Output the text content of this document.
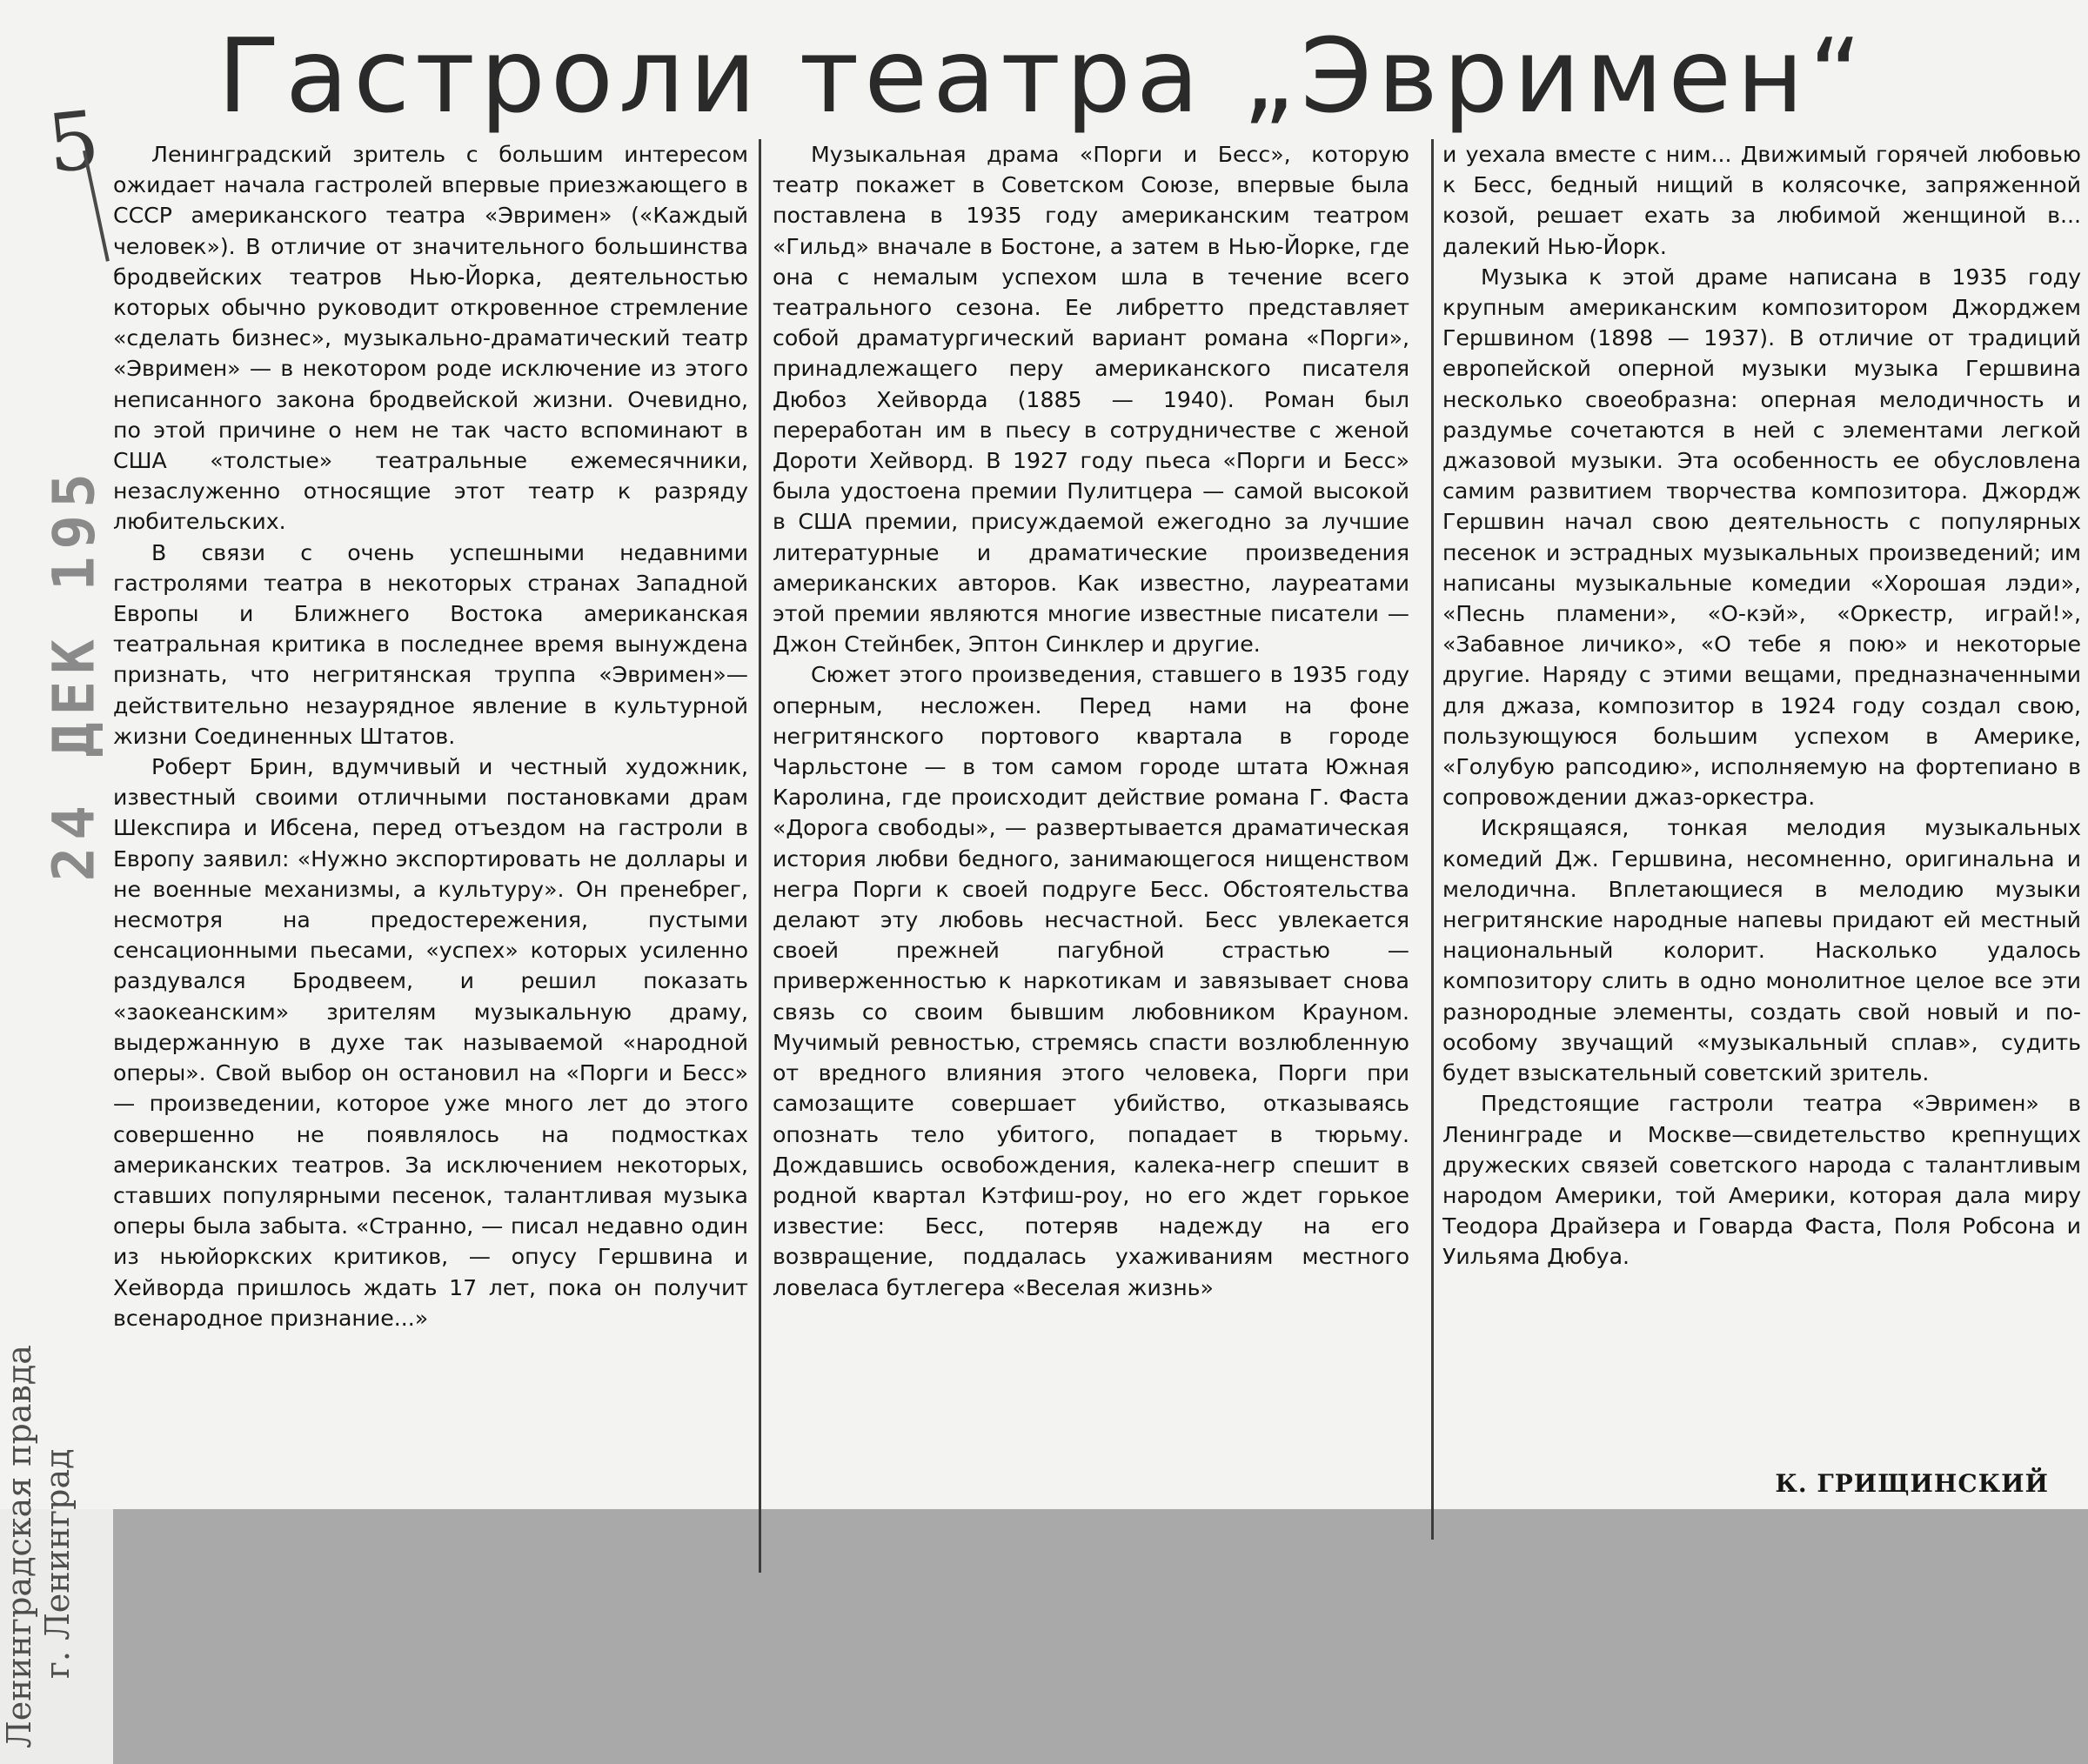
Гастроли театра „Эвримен“
5
24 ДЕК 195

Ленинградский зритель с большим интересом ожидает начала гастролей впервые приезжающего в СССР американского театра «Эвримен» («Каждый человек»). В отличие от значительного большинства бродвейских театров Нью-Йорка, деятельностью которых обычно руководит откровенное стремление «сделать бизнес», музыкально-драматический театр «Эвримен» — в некотором роде исключение из этого неписанного закона бродвейской жизни. Очевидно, по этой причине о нем не так часто вспоминают в США «толстые» театральные ежемесячники, незаслуженно относящие этот театр к разряду любительских.

В связи с очень успешными недавними гастролями театра в некоторых странах Западной Европы и Ближнего Востока американская театральная критика в последнее время вынуждена признать, что негритянская труппа «Эвримен»—действительно незаурядное явление в культурной жизни Соединенных Штатов.

Роберт Брин, вдумчивый и честный художник, известный своими отличными постановками драм Шекспира и Ибсена, перед отъездом на гастроли в Европу заявил: «Нужно экспортировать не доллары и не военные механизмы, а культуру». Он пренебрег, несмотря на предостережения, пустыми сенсационными пьесами, «успех» которых усиленно раздувался Бродвеем, и решил показать «заокеанским» зрителям музыкальную драму, выдержанную в духе так называемой «народной оперы». Свой выбор он остановил на «Порги и Бесс» — произведении, которое уже много лет до этого совершенно не появлялось на подмостках американских театров. За исключением некоторых, ставших популярными песенок, талантливая музыка оперы была забыта. «Странно, — писал недавно один из ньюйоркских критиков, — опусу Гершвина и Хейворда пришлось ждать 17 лет, пока он получит всенародное признание...»

Музыкальная драма «Порги и Бесс», которую театр покажет в Советском Союзе, впервые была поставлена в 1935 году американским театром «Гильд» вначале в Бостоне, а затем в Нью-Йорке, где она с немалым успехом шла в течение всего театрального сезона. Ее либретто представляет собой драматургический вариант романа «Порги», принадлежащего перу американского писателя Дюбоз Хейворда (1885 — 1940). Роман был переработан им в пьесу в сотрудничестве с женой Дороти Хейворд. В 1927 году пьеса «Порги и Бесс» была удостоена премии Пулитцера — самой высокой в США премии, присуждаемой ежегодно за лучшие литературные и драматические произведения американских авторов. Как известно, лауреатами этой премии являются многие известные писатели — Джон Стейнбек, Эптон Синклер и другие.

Сюжет этого произведения, ставшего в 1935 году оперным, несложен. Перед нами на фоне негритянского портового квартала в городе Чарльстоне — в том самом городе штата Южная Каролина, где происходит действие романа Г. Фаста «Дорога свободы», — развертывается драматическая история любви бедного, занимающегося нищенством негра Порги к своей подруге Бесс. Обстоятельства делают эту любовь несчастной. Бесс увлекается своей прежней пагубной страстью — приверженностью к наркотикам и завязывает снова связь со своим бывшим любовником Крауном. Мучимый ревностью, стремясь спасти возлюбленную от вредного влияния этого человека, Порги при самозащите совершает убийство, отказываясь опознать тело убитого, попадает в тюрьму. Дождавшись освобождения, калека-негр спешит в родной квартал Кэтфиш-роу, но его ждет горькое известие: Бесс, потеряв надежду на его возвращение, поддалась ухаживаниям местного ловеласа бутлегера «Веселая жизнь»

и уехала вместе с ним... Движимый горячей любовью к Бесс, бедный нищий в колясочке, запряженной козой, решает ехать за любимой женщиной в... далекий Нью-Йорк.

Музыка к этой драме написана в 1935 году крупным американским композитором Джорджем Гершвином (1898 — 1937). В отличие от традиций европейской оперной музыки музыка Гершвина несколько своеобразна: оперная мелодичность и раздумье сочетаются в ней с элементами легкой джазовой музыки. Эта особенность ее обусловлена самим развитием творчества композитора. Джордж Гершвин начал свою деятельность с популярных песенок и эстрадных музыкальных произведений; им написаны музыкальные комедии «Хорошая лэди», «Песнь пламени», «О-кэй», «Оркестр, играй!», «Забавное личико», «О тебе я пою» и некоторые другие. Наряду с этими вещами, предназначенными для джаза, композитор в 1924 году создал свою, пользующуюся большим успехом в Америке, «Голубую рапсодию», исполняемую на фортепиано в сопровождении джаз-оркестра.

Искрящаяся, тонкая мелодия музыкальных комедий Дж. Гершвина, несомненно, оригинальна и мелодична. Вплетающиеся в мелодию музыки негритянские народные напевы придают ей местный национальный колорит. Насколько удалось композитору слить в одно монолитное целое все эти разнородные элементы, создать свой новый и по-особому звучащий «музыкальный сплав», судить будет взыскательный советский зритель.

Предстоящие гастроли театра «Эвримен» в Ленинграде и Москве—свидетельство крепнущих дружеских связей советского народа с талантливым народом Америки, той Америки, которая дала миру Теодора Драйзера и Говарда Фаста, Поля Робсона и Уильяма Дюбуа.

К. ГРИЩИНСКИЙ
Ленинградская правда г. Ленинград
